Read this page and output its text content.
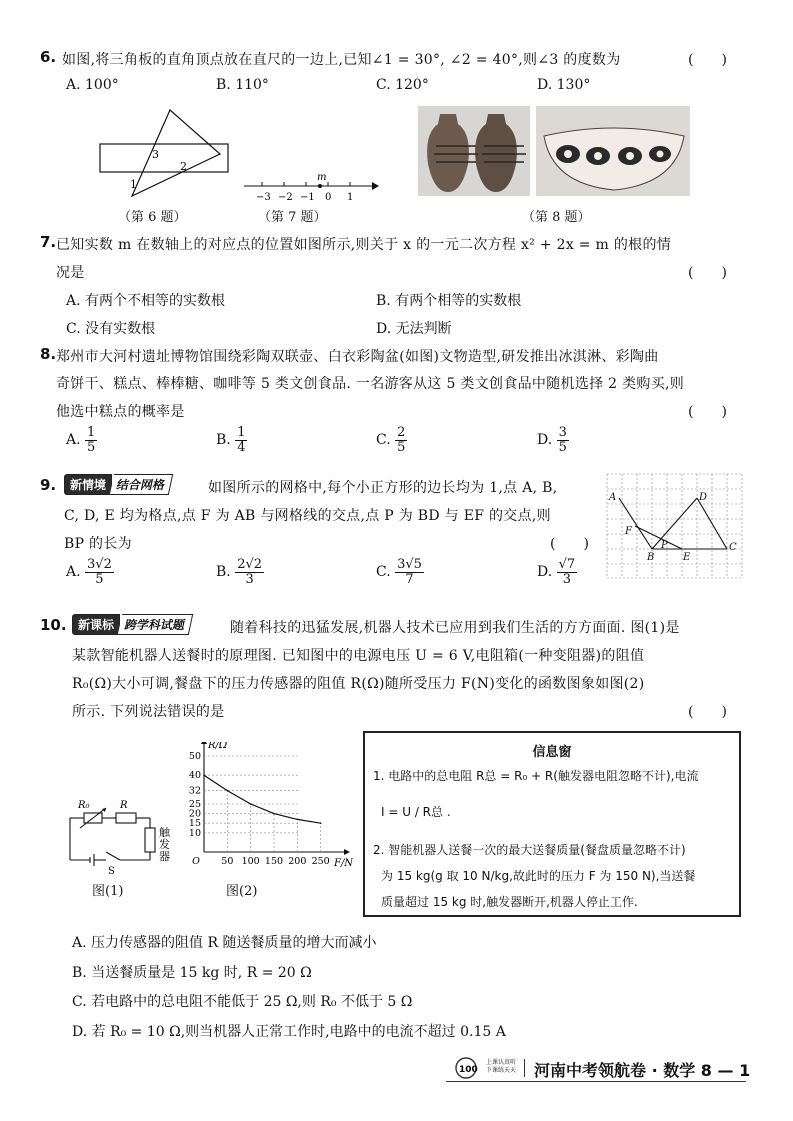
6. 如图,将三角板的直角顶点放在直尺的一边上,已知∠1 = 30°, ∠2 = 40°,则∠3 的度数为	(　　)
A. 100°	B. 110°	C. 120°	D. 130°
1
2
3
（第 6 题）
m
−3 −2 −1 0 1
（第 7 题）	（第 8 题）
7. 已知实数 m 在数轴上的对应点的位置如图所示,则关于 x 的一元二次方程 x² + 2x = m 的根的情
况是	(　　)
A. 有两个不相等的实数根	B. 有两个相等的实数根
C. 没有实数根	D. 无法判断
8. 郑州市大河村遗址博物馆围绕彩陶双联壶、白衣彩陶盆(如图)文物造型,研发推出冰淇淋、彩陶曲
奇饼干、糕点、棒棒糖、咖啡等 5 类文创食品. 一名游客从这 5 类文创食品中随机选择 2 类购买,则
他选中糕点的概率是	(　　)
A. $\frac{1}{5}$	B. $\frac{1}{4}$	C. $\frac{2}{5}$	D. $\frac{3}{5}$
9.	新情境 结合网格	如图所示的网格中,每个小正方形的边长均为 1,点 A, B,
C, D, E 均为格点,点 F 为 AB 与网格线的交点,点 P 为 BD 与 EF 的交点,则
BP 的长为	(　　)
A. $\frac{3√2}{5}$	B. $\frac{2√2}{3}$	C. $\frac{3√5}{7}$	D. $\frac{√7}{3}$
A	D
F
P
B	E
C
10. 新课标 跨学科试题	随着科技的迅猛发展,机器人技术已应用到我们生活的方方面面. 图(1)是
某款智能机器人送餐时的原理图. 已知图中的电源电压 U = 6 V,电阻箱(一种变阻器)的阻值
R₀(Ω)大小可调,餐盘下的压力传感器的阻值 R(Ω)随所受压力 F(N)变化的函数图象如图(2)
所示. 下列说法错误的是	(　　)
R₀	R
S
触
发
器
触发器
图(1)
R/Ω
F/N
50
40
32
25
20
15
10
O 50 100 150 200 250
图(2)
信息窗
1. 电路中的总电阻 R总 = R₀ + R(触发器电阻忽略不计),电流
I = U / R总 .
2. 智能机器人送餐一次的最大送餐质量(餐盘质量忽略不计)
为 15 kg(g 取 10 N/kg,故此时的压力 F 为 150 N),当送餐
质量超过 15 kg 时,触发器断开,机器人停止工作.
A. 压力传感器的阻值 R 随送餐质量的增大而减小
B. 当送餐质量是 15 kg 时, R = 20 Ω
C. 若电路中的总电阻不能低于 25 Ω,则 R₀ 不低于 5 Ω
D. 若 R₀ = 10 Ω,则当机器人正常工作时,电路中的电流不超过 0.15 A
100
上课认真听 下课练天天 河南中考领航卷 · 数学 8 — 1
